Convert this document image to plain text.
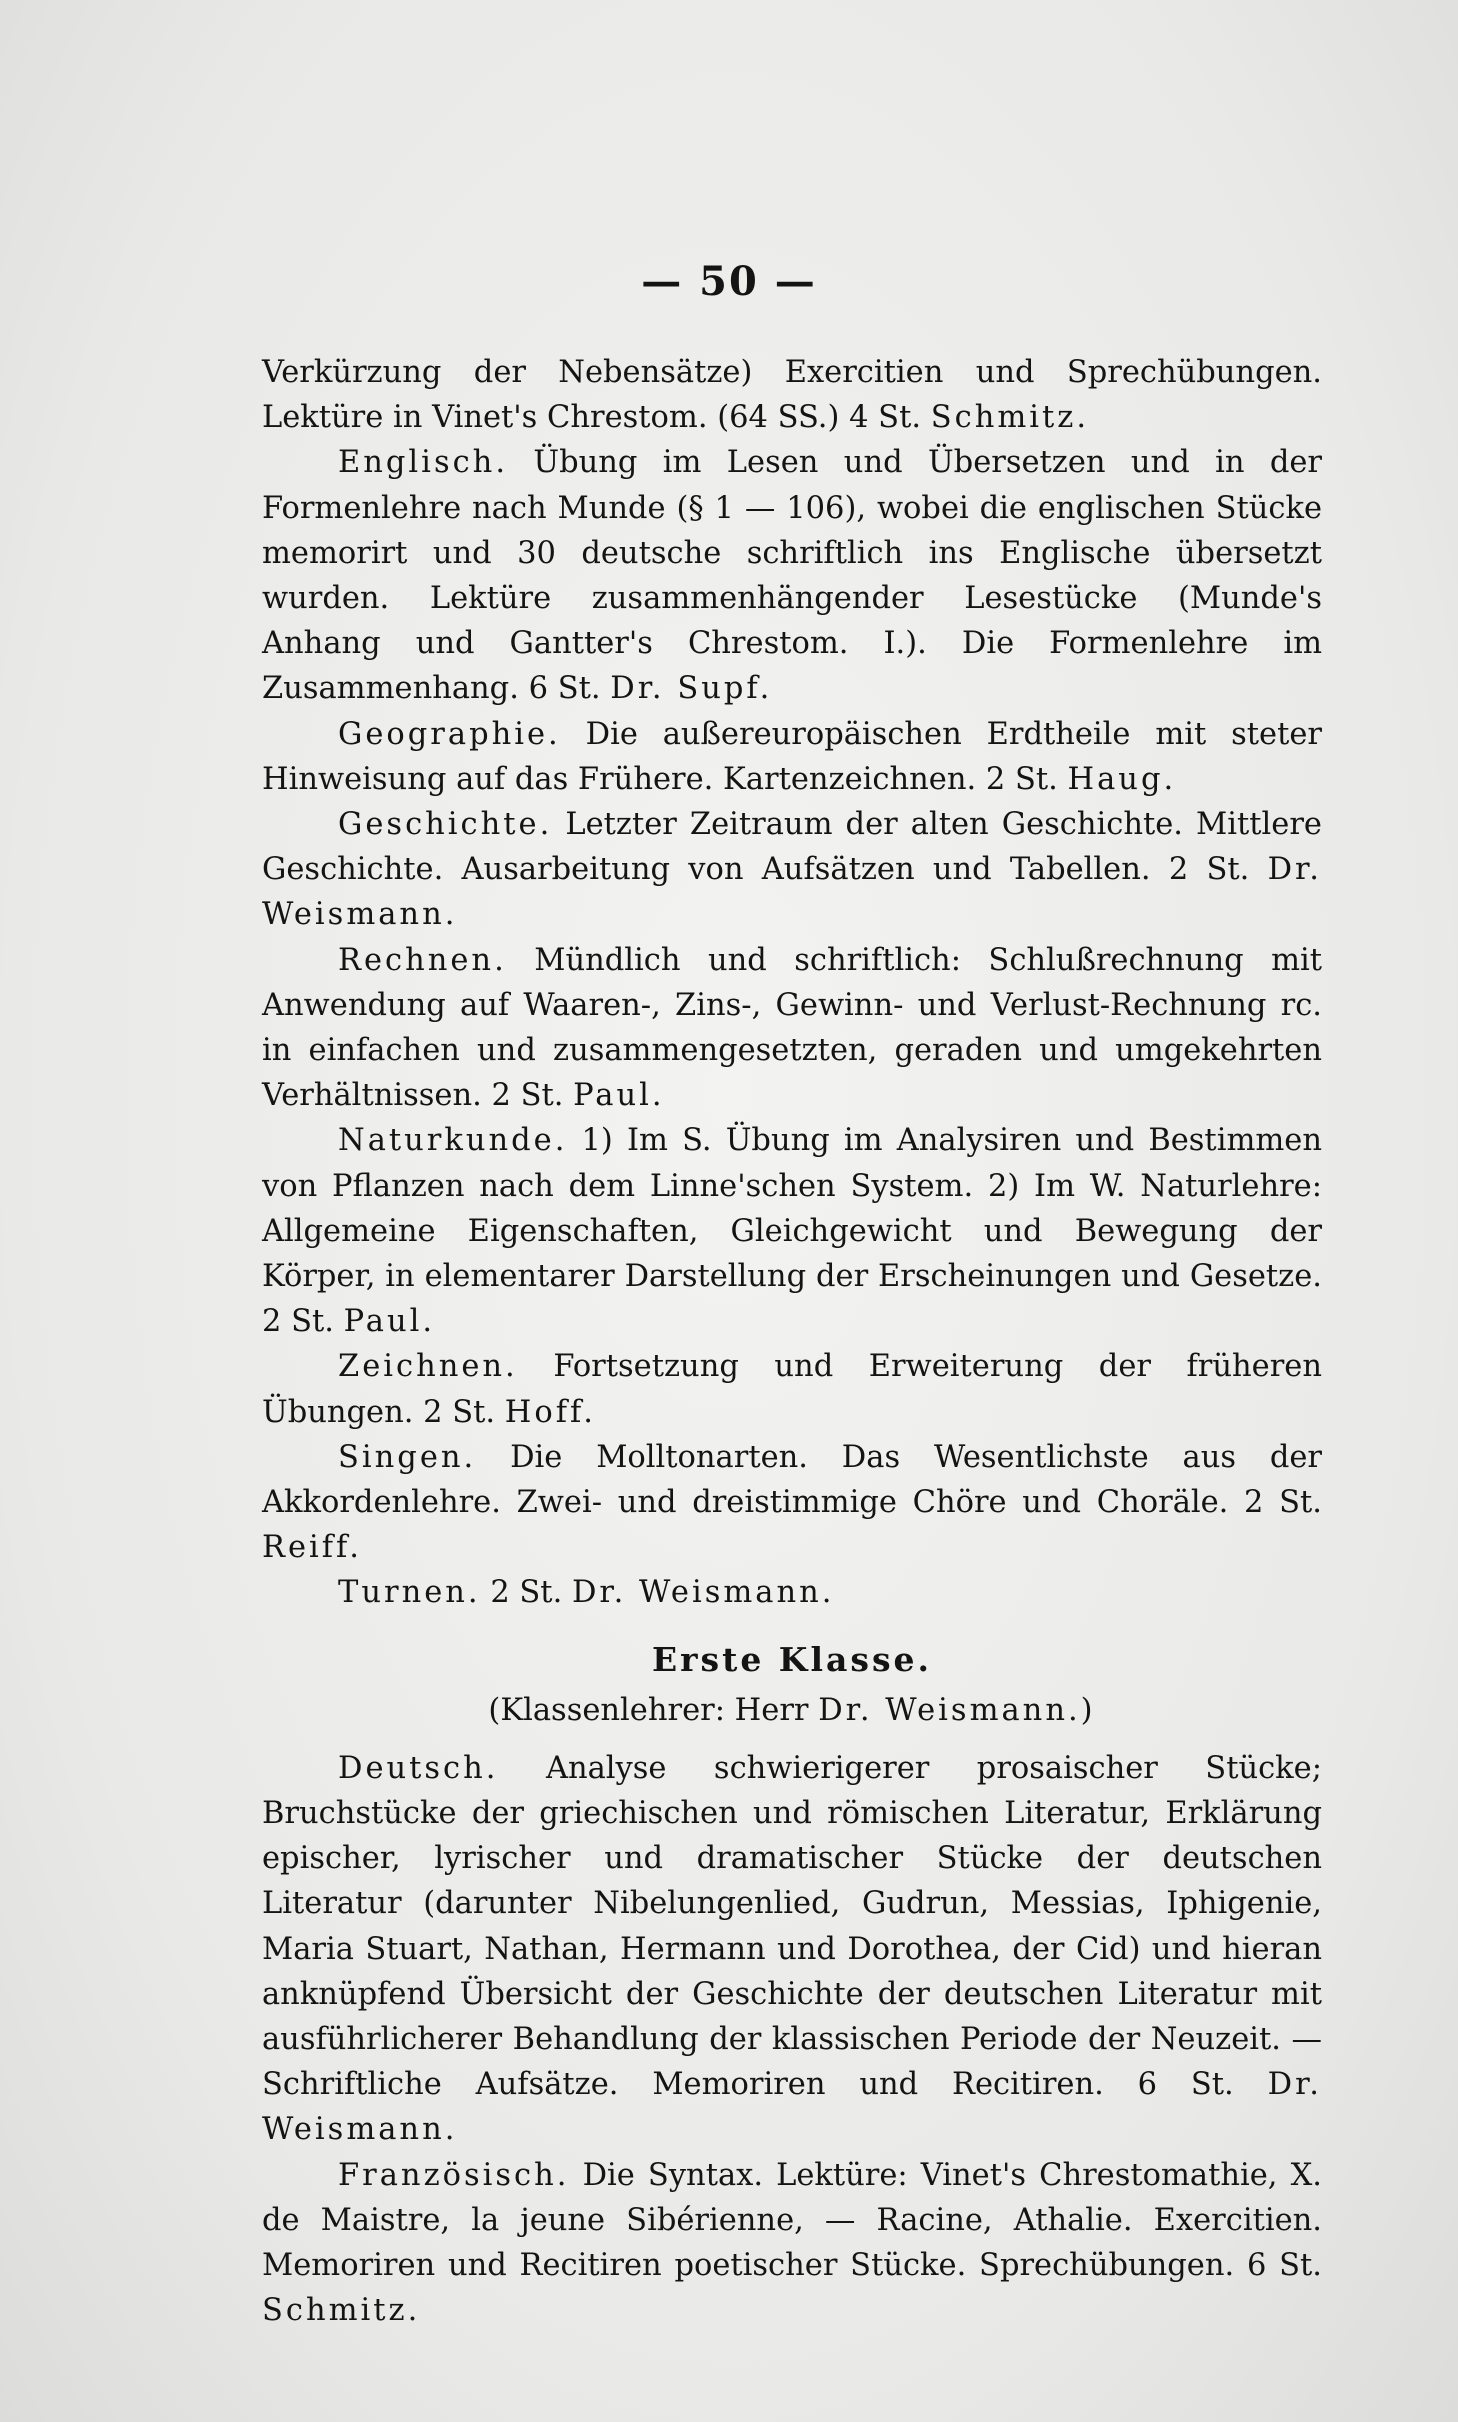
— 50 —

Verkürzung der Nebensätze) Exercitien und Sprechübungen. Lektüre in Vinet's Chrestom. (64 SS.) 4 St. Schmitz.

Englisch. Übung im Lesen und Übersetzen und in der Formenlehre nach Munde (§ 1 — 106), wobei die englischen Stücke memorirt und 30 deutsche schriftlich ins Englische übersetzt wurden. Lektüre zusammenhängender Lesestücke (Munde's Anhang und Gantter's Chrestom. I.). Die Formenlehre im Zusammenhang. 6 St. Dr. Supf.

Geographie. Die außereuropäischen Erdtheile mit steter Hinweisung auf das Frühere. Kartenzeichnen. 2 St. Haug.

Geschichte. Letzter Zeitraum der alten Geschichte. Mittlere Geschichte. Ausarbeitung von Aufsätzen und Tabellen. 2 St. Dr. Weismann.

Rechnen. Mündlich und schriftlich: Schlußrechnung mit Anwendung auf Waaren-, Zins-, Gewinn- und Verlust-Rechnung rc. in einfachen und zusammengesetzten, geraden und umgekehrten Verhältnissen. 2 St. Paul.

Naturkunde. 1) Im S. Übung im Analysiren und Bestimmen von Pflanzen nach dem Linne'schen System. 2) Im W. Naturlehre: Allgemeine Eigenschaften, Gleichgewicht und Bewegung der Körper, in elementarer Darstellung der Erscheinungen und Gesetze. 2 St. Paul.

Zeichnen. Fortsetzung und Erweiterung der früheren Übungen. 2 St. Hoff.

Singen. Die Molltonarten. Das Wesentlichste aus der Akkordenlehre. Zwei- und dreistimmige Chöre und Choräle. 2 St. Reiff.

Turnen. 2 St. Dr. Weismann.

Erste Klasse.
(Klassenlehrer: Herr Dr. Weismann.)

Deutsch. Analyse schwierigerer prosaischer Stücke; Bruchstücke der griechischen und römischen Literatur, Erklärung epischer, lyrischer und dramatischer Stücke der deutschen Literatur (darunter Nibelungenlied, Gudrun, Messias, Iphigenie, Maria Stuart, Nathan, Hermann und Dorothea, der Cid) und hieran anknüpfend Übersicht der Geschichte der deutschen Literatur mit ausführlicherer Behandlung der klassischen Periode der Neuzeit. — Schriftliche Aufsätze. Memoriren und Recitiren. 6 St. Dr. Weismann.

Französisch. Die Syntax. Lektüre: Vinet's Chrestomathie, X. de Maistre, la jeune Sibérienne, — Racine, Athalie. Exercitien. Memoriren und Recitiren poetischer Stücke. Sprechübungen. 6 St. Schmitz.
